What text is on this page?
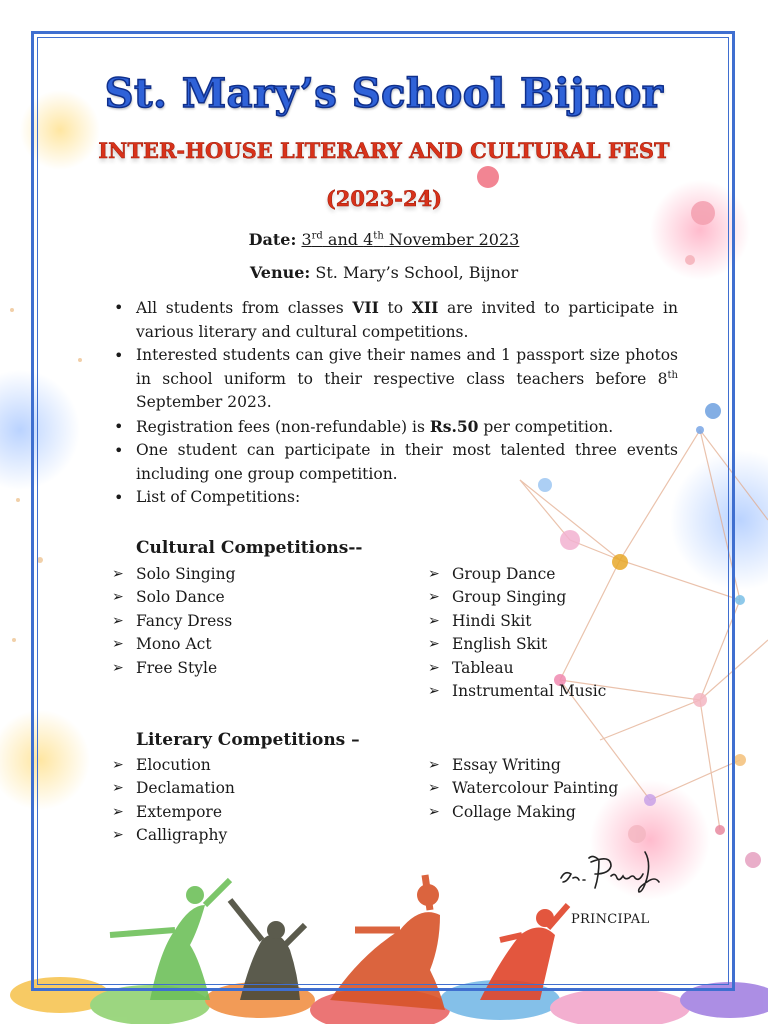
St. Mary’s School Bijnor
INTER-HOUSE LITERARY AND CULTURAL FEST
(2023-24)
Date: 3rd and 4th November 2023
Venue: St. Mary’s School, Bijnor
• All students from classes VII to XII are invited to participate in various literary and cultural competitions.
• Interested students can give their names and 1 passport size photos in school uniform to their respective class teachers before 8th September 2023.
• Registration fees (non-refundable) is Rs.50 per competition.
• One student can participate in their most talented three events including one group competition.
• List of Competitions:
Cultural Competitions--
➢ Solo Singing
➢ Solo Dance
➢ Fancy Dress
➢ Mono Act
➢ Free Style
➢ Group Dance
➢ Group Singing
➢ Hindi Skit
➢ English Skit
➢ Tableau
➢ Instrumental Music
Literary Competitions –
➢ Elocution
➢ Declamation
➢ Extempore
➢ Calligraphy
➢ Essay Writing
➢ Watercolour Painting
➢ Collage Making
PRINCIPAL
